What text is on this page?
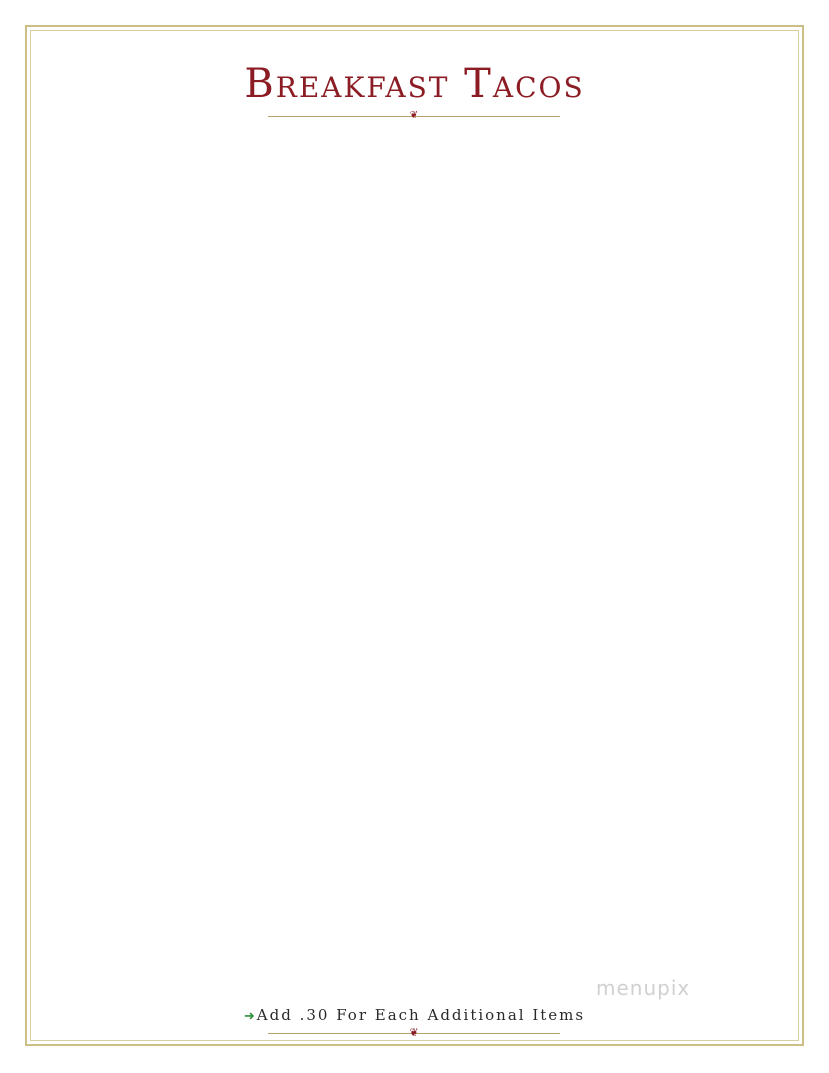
Breakfast Tacos
❦
➜ Add .30 For Each Additional Items
❦
menupix
